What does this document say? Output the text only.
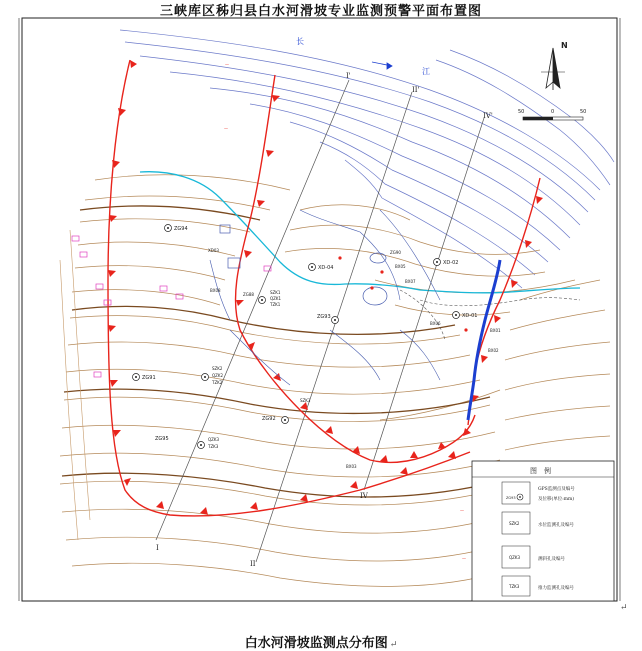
三峡库区秭归县白水河滑坡专业监测预警平面布置图
I'
II'
IV'
II
I
IV
长
江
N
50	0	50
ZG94
XD-04
XD-02
XD-01
ZG93
ZG91
ZG92
ZG95
XD03
BX08
BX05
BX07
BX06
ZG90
ZG88
BX01
BX02
BX03
SZK1
SZK2
SZK3
QZK1
QZK2
QZK3
TZK1
TZK2
TZK3
—
—
—
—
图　例
ZG93
GPS监测点及编号
及位移(单位:mm)
SZK2	水位监测孔及编号
QZK3	测斜孔及编号
TZK3	推力监测孔及编号
↵
白水河滑坡监测点分布图 ↵
